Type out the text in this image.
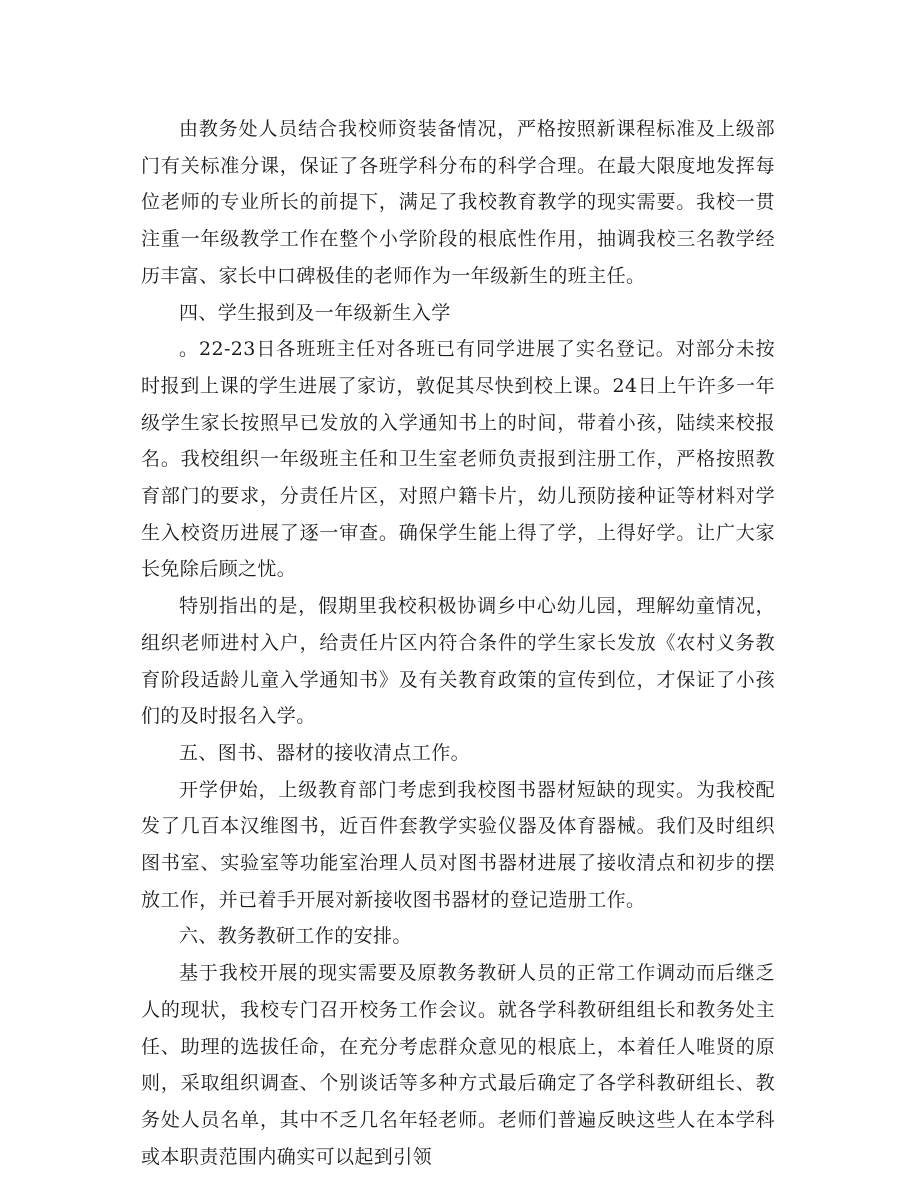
由教务处人员结合我校师资装备情况，严格按照新课程标准及上级部门有关标准分课，保证了各班学科分布的科学合理。在最大限度地发挥每位老师的专业所长的前提下，满足了我校教育教学的现实需要。我校一贯注重一年级教学工作在整个小学阶段的根底性作用，抽调我校三名教学经历丰富、家长中口碑极佳的老师作为一年级新生的班主任。

四、学生报到及一年级新生入学

。22-23日各班班主任对各班已有同学进展了实名登记。对部分未按时报到上课的学生进展了家访，敦促其尽快到校上课。24日上午许多一年级学生家长按照早已发放的入学通知书上的时间，带着小孩，陆续来校报名。我校组织一年级班主任和卫生室老师负责报到注册工作，严格按照教育部门的要求，分责任片区，对照户籍卡片，幼儿预防接种证等材料对学生入校资历进展了逐一审查。确保学生能上得了学，上得好学。让广大家长免除后顾之忧。

特别指出的是，假期里我校积极协调乡中心幼儿园，理解幼童情况，组织老师进村入户，给责任片区内符合条件的学生家长发放《农村义务教育阶段适龄儿童入学通知书》及有关教育政策的宣传到位，才保证了小孩们的及时报名入学。

五、图书、器材的接收清点工作。

开学伊始，上级教育部门考虑到我校图书器材短缺的现实。为我校配发了几百本汉维图书，近百件套教学实验仪器及体育器械。我们及时组织图书室、实验室等功能室治理人员对图书器材进展了接收清点和初步的摆放工作，并已着手开展对新接收图书器材的登记造册工作。

六、教务教研工作的安排。

基于我校开展的现实需要及原教务教研人员的正常工作调动而后继乏人的现状，我校专门召开校务工作会议。就各学科教研组组长和教务处主任、助理的选拔任命，在充分考虑群众意见的根底上，本着任人唯贤的原则，采取组织调查、个别谈话等多种方式最后确定了各学科教研组长、教务处人员名单，其中不乏几名年轻老师。老师们普遍反映这些人在本学科或本职责范围内确实可以起到引领
